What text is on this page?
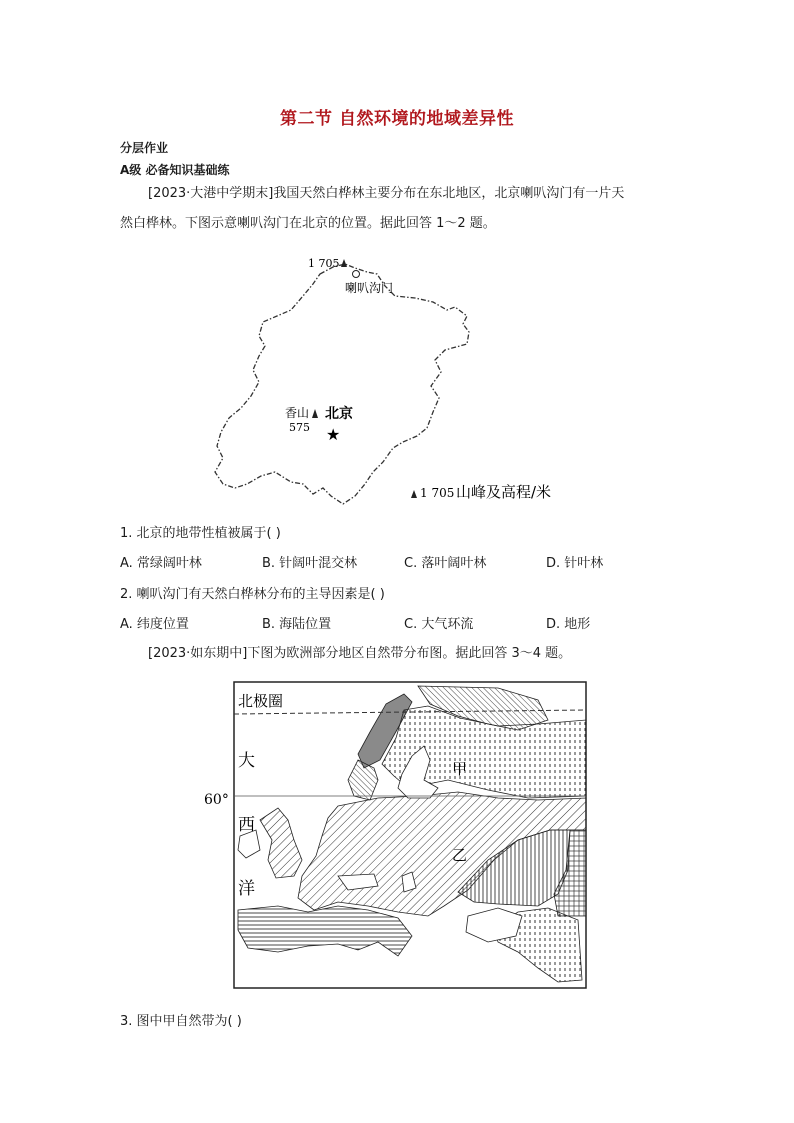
第二节 自然环境的地域差异性
分层作业
A级 必备知识基础练
[2023·大港中学期末]我国天然白桦林主要分布在东北地区，北京喇叭沟门有一片天
然白桦林。下图示意喇叭沟门在北京的位置。据此回答 1～2 题。
1 705
喇叭沟门
香山
575
北京
★
1 705 山峰及高程/米
1. 北京的地带性植被属于( )
A. 常绿阔叶林	B. 针阔叶混交林	C. 落叶阔叶林	D. 针叶林
2. 喇叭沟门有天然白桦林分布的主导因素是( )
A. 纬度位置	B. 海陆位置	C. 大气环流	D. 地形
[2023·如东期中]下图为欧洲部分地区自然带分布图。据此回答 3～4 题。
北极圈
60°
大
西
洋
甲
乙
3. 图中甲自然带为( )
